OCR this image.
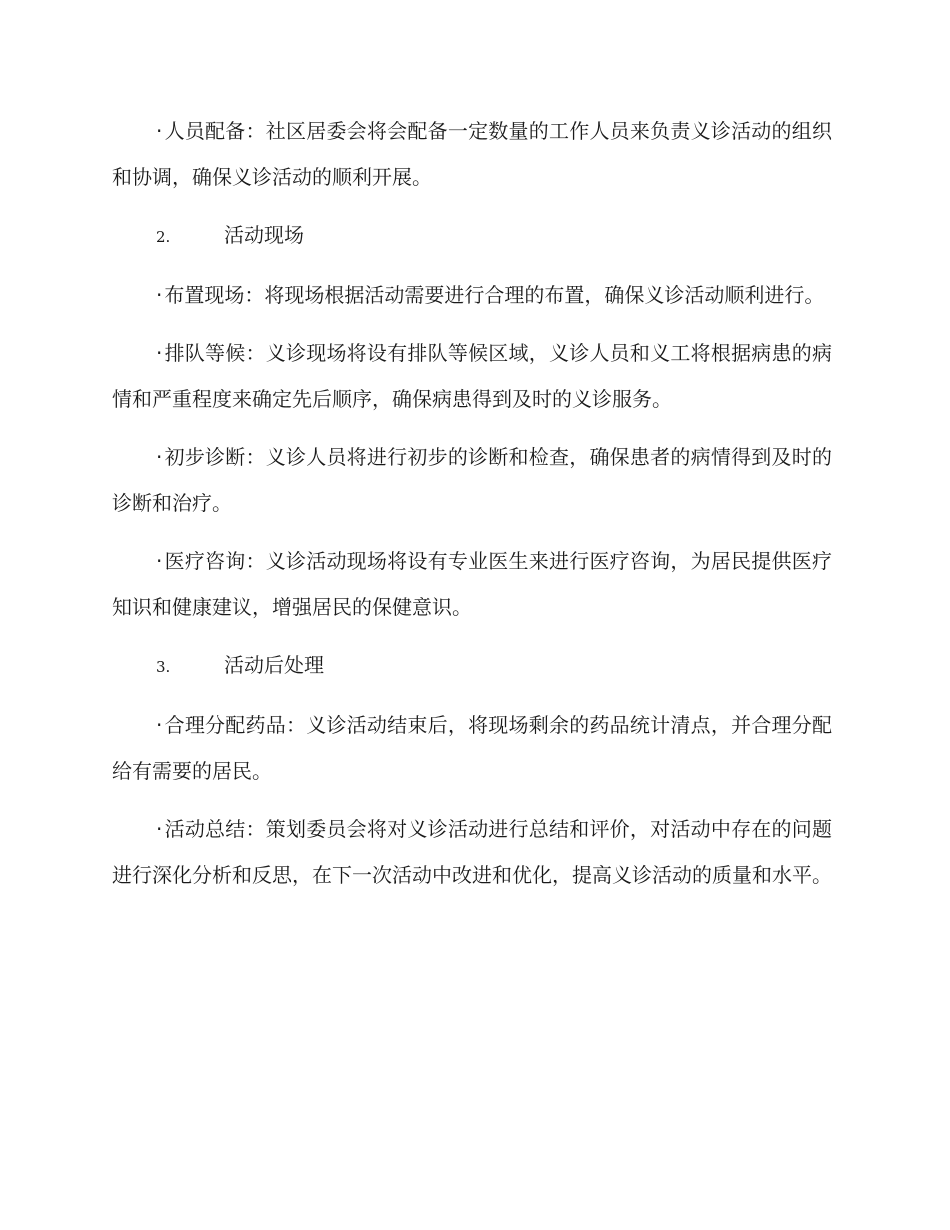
· 人员配备：社区居委会将会配备一定数量的工作人员来负责义诊活动的组织和协调，确保义诊活动的顺利开展。

2.	活动现场

· 布置现场：将现场根据活动需要进行合理的布置，确保义诊活动顺利进行。

· 排队等候：义诊现场将设有排队等候区域，义诊人员和义工将根据病患的病情和严重程度来确定先后顺序，确保病患得到及时的义诊服务。

· 初步诊断：义诊人员将进行初步的诊断和检查，确保患者的病情得到及时的诊断和治疗。

· 医疗咨询：义诊活动现场将设有专业医生来进行医疗咨询，为居民提供医疗知识和健康建议，增强居民的保健意识。

3.	活动后处理

· 合理分配药品：义诊活动结束后，将现场剩余的药品统计清点，并合理分配给有需要的居民。

· 活动总结：策划委员会将对义诊活动进行总结和评价，对活动中存在的问题进行深化分析和反思，在下一次活动中改进和优化，提高义诊活动的质量和水平。
